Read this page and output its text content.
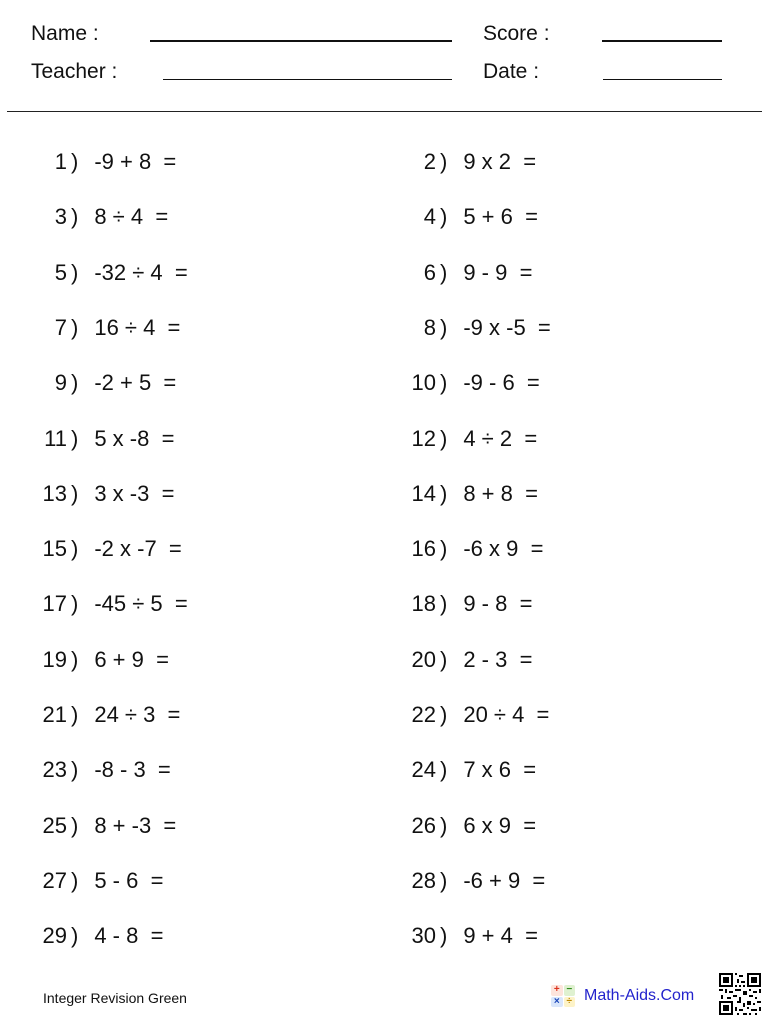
Name :
Teacher :
Score :
Date :
1 ) -9 + 8  =	2 ) 9 x 2  =
3 ) 8 ÷ 4  =	4 ) 5 + 6  =
5 ) -32 ÷ 4  =	6 ) 9 - 9  =
7 ) 16 ÷ 4  =	8 ) -9 x -5  =
9 ) -2 + 5  =	10 ) -9 - 6  =
11 ) 5 x -8  =	12 ) 4 ÷ 2  =
13 ) 3 x -3  =	14 ) 8 + 8  =
15 ) -2 x -7  =	16 ) -6 x 9  =
17 ) -45 ÷ 5  =	18 ) 9 - 8  =
19 ) 6 + 9  =	20 ) 2 - 3  =
21 ) 24 ÷ 3  =	22 ) 20 ÷ 4  =
23 ) -8 - 3  =	24 ) 7 x 6  =
25 ) 8 + -3  =	26 ) 6 x 9  =
27 ) 5 - 6  =	28 ) -6 + 9  =
29 ) 4 - 8  =	30 ) 9 + 4  =
Integer Revision Green
+ −
× ÷ Math-Aids.Com
